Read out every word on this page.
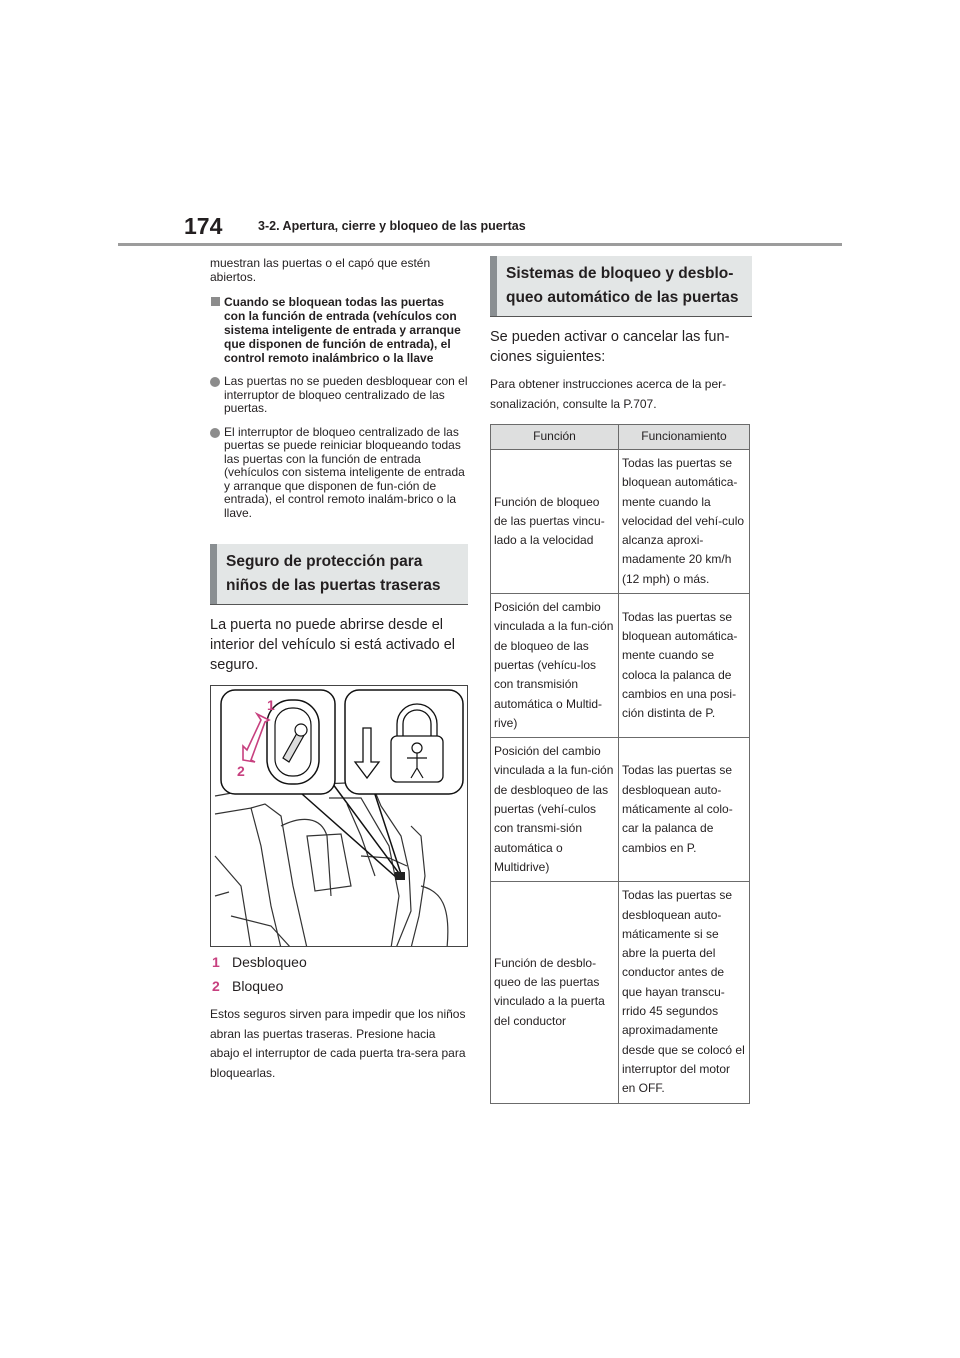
174	3-2. Apertura, cierre y bloqueo de las puertas

muestran las puertas o el capó que estén abiertos.

Cuando se bloquean todas las puertas con la función de entrada (vehículos con sistema inteligente de entrada y arranque que disponen de función de entrada), el control remoto inalámbrico o la llave
Las puertas no se pueden desbloquear con el interruptor de bloqueo centralizado de las puertas.
El interruptor de bloqueo centralizado de las puertas se puede reiniciar bloqueando todas las puertas con la función de entrada (vehículos con sistema inteligente de entrada y arranque que disponen de fun-ción de entrada), el control remoto inalám-brico o la llave.
Seguro de protección para niños de las puertas traseras

La puerta no puede abrirse desde el interior del vehículo si está activado el seguro.

1
2
1 Desbloqueo
2 Bloqueo

Estos seguros sirven para impedir que los niños abran las puertas traseras. Presione hacia abajo el interruptor de cada puerta tra-sera para bloquearlas.

Sistemas de bloqueo y desblo-queo automático de las puertas

Se pueden activar o cancelar las fun-ciones siguientes:

Para obtener instrucciones acerca de la per-sonalización, consulte la P.707.

Función	Funcionamiento
Función de bloqueo de las puertas vincu-lado a la velocidad	Todas las puertas se bloquean automática-mente cuando la velocidad del vehí-culo alcanza aproxi-madamente 20 km/h (12 mph) o más.
Posición del cambio vinculada a la fun-ción de bloqueo de las puertas (vehícu-los con transmisión automática o Multid-rive)	Todas las puertas se bloquean automática-mente cuando se coloca la palanca de cambios en una posi-ción distinta de P.
Posición del cambio vinculada a la fun-ción de desbloqueo de las puertas (vehí-culos con transmi-sión automática o Multidrive)	Todas las puertas se desbloquean auto-máticamente al colo-car la palanca de cambios en P.
Función de desblo-queo de las puertas vinculado a la puerta del conductor	Todas las puertas se desbloquean auto-máticamente si se abre la puerta del conductor antes de que hayan transcu-rrido 45 segundos aproximadamente desde que se colocó el interruptor del motor en OFF.
